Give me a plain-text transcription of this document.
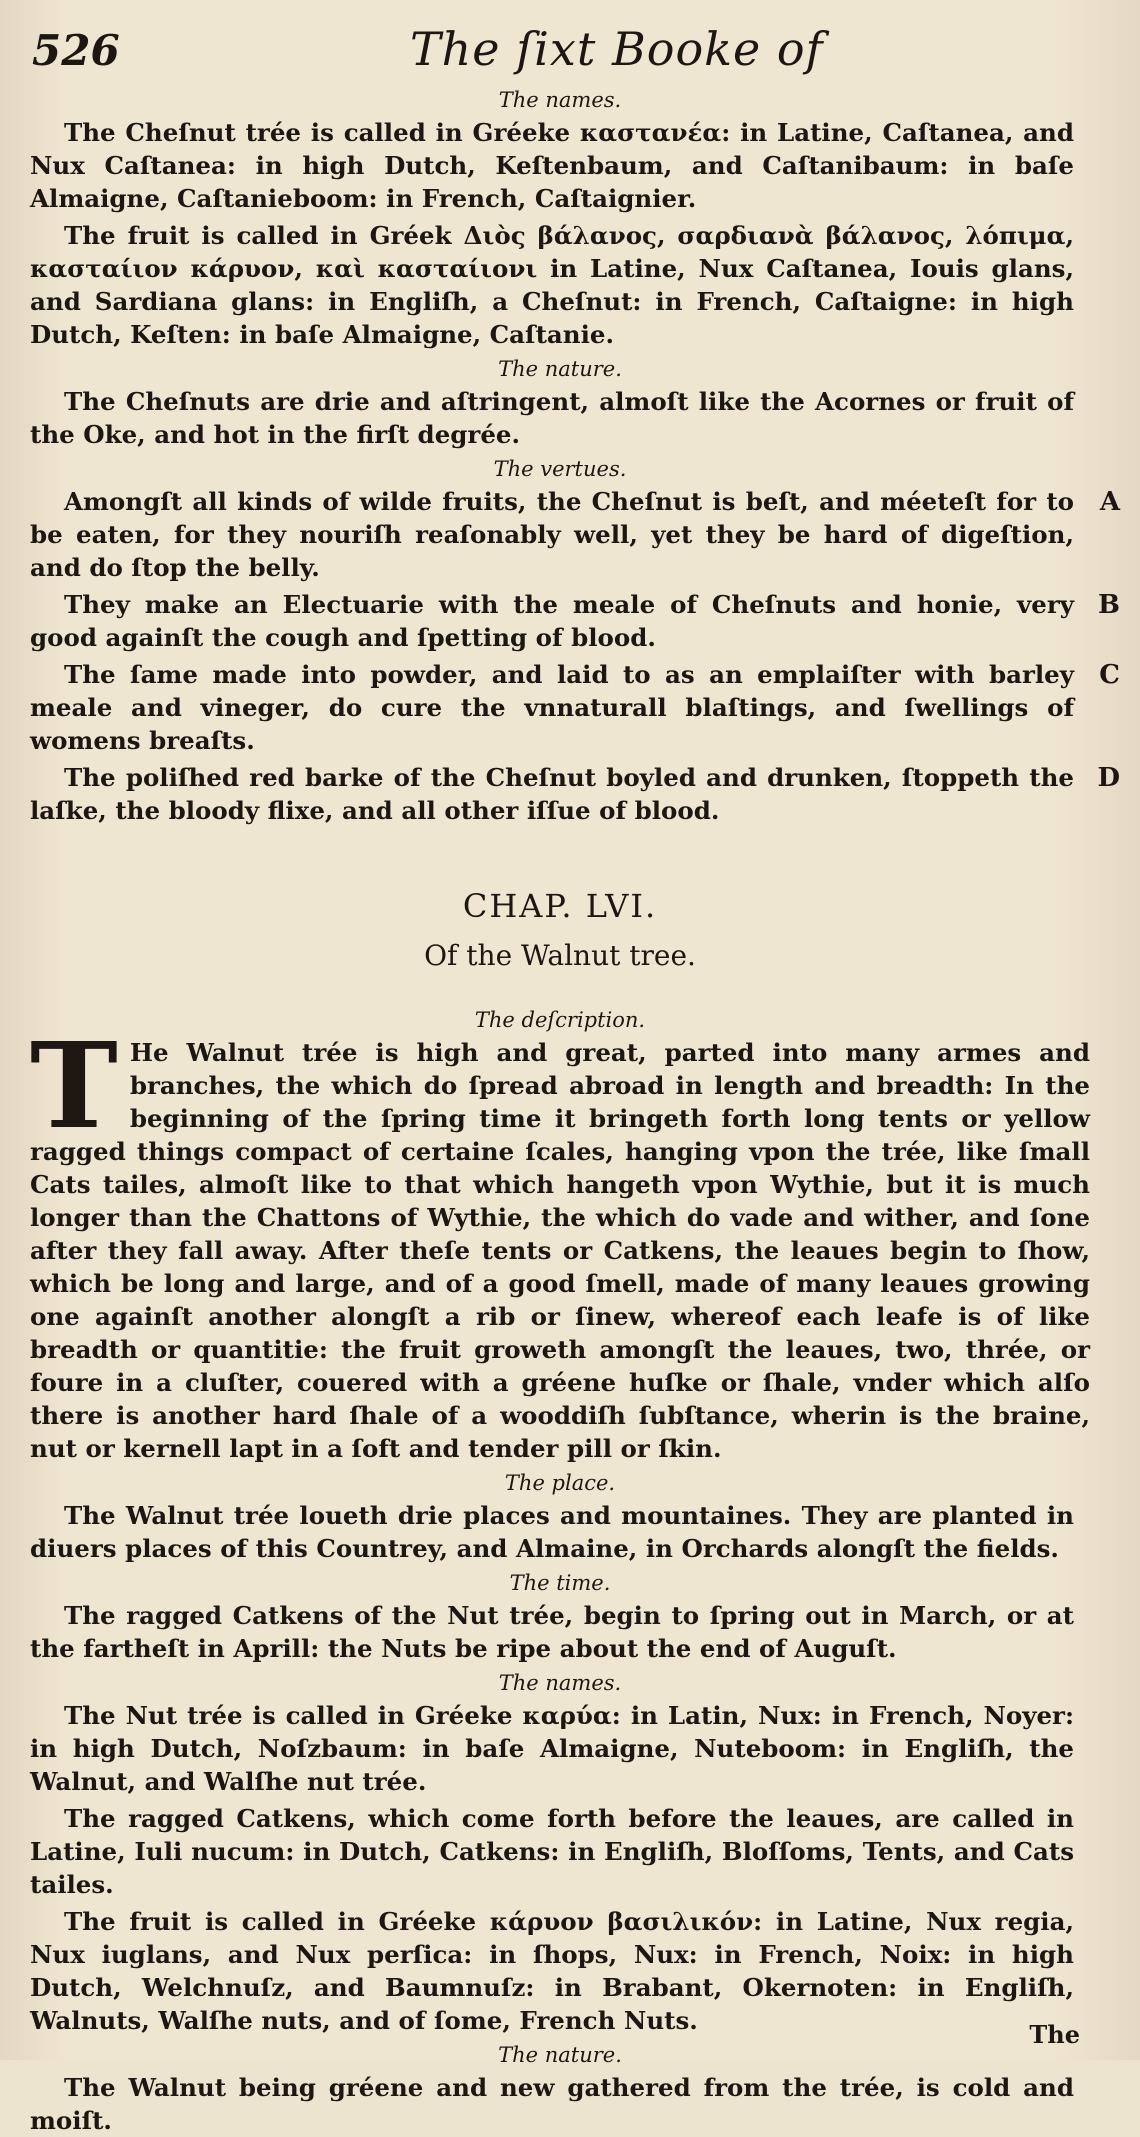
526	The ſixt Booke of
The names.

The Cheſnut trée is called in Gréeke καστανέα: in Latine, Caſtanea, and Nux Caſtanea: in high Dutch, Keſtenbaum, and Caſtanibaum: in baſe Almaigne, Caſtanieboom: in French, Caſtaignier.

The fruit is called in Gréek Διὸς βάλανος, σαρδιανὰ βάλανος, λόπιμα, κασταίιον κάρυον, καὶ κασταίιονι in Latine, Nux Caſtanea, Iouis glans, and Sardiana glans: in Engliſh, a Cheſnut: in French, Caſtaigne: in high Dutch, Keſten: in baſe Almaigne, Caſtanie.

The nature.

The Cheſnuts are drie and aſtringent, almoſt like the Acornes or fruit of the Oke, and hot in the firſt degrée.

The vertues.

Amongſt all kinds of wilde fruits, the Cheſnut is beſt, and méeteſt for to be eaten, for they nouriſh reaſonably well, yet they be hard of digeſtion, and do ſtop the belly.

A

They make an Electuarie with the meale of Cheſnuts and honie, very good againſt the cough and ſpetting of blood.

B

The ſame made into powder, and laid to as an emplaiſter with barley meale and vineger, do cure the vnnaturall blaſtings, and ſwellings of womens breaſts.

C

The poliſhed red barke of the Cheſnut boyled and drunken, ſtoppeth the laſke, the bloody flixe, and all other iſſue of blood.

D
CHAP. LVI.
Of the Walnut tree.
The deſcription.
T He Walnut trée is high and great, parted into many armes and branches, the which do ſpread abroad in length and breadth: In the beginning of the ſpring time it bringeth forth long tents or yellow ragged things compact of certaine ſcales, hanging vpon the trée, like ſmall Cats tailes, almoſt like to that which hangeth vpon Wythie, but it is much longer than the Chattons of Wythie, the which do vade and wither, and ſone after they fall away. After theſe tents or Catkens, the leaues begin to ſhow, which be long and large, and of a good ſmell, made of many leaues growing one againſt another alongſt a rib or ſinew, whereof each leafe is of like breadth or quantitie: the fruit groweth amongſt the leaues, two, thrée, or foure in a cluſter, couered with a gréene huſke or ſhale, vnder which alſo there is another hard ſhale of a wooddiſh ſubſtance, wherin is the braine, nut or kernell lapt in a ſoft and tender pill or ſkin.

The place.

The Walnut trée loueth drie places and mountaines. They are planted in diuers places of this Countrey, and Almaine, in Orchards alongſt the fields.

The time.

The ragged Catkens of the Nut trée, begin to ſpring out in March, or at the fartheſt in Aprill: the Nuts be ripe about the end of Auguſt.

The names.

The Nut trée is called in Gréeke καρύα: in Latin, Nux: in French, Noyer: in high Dutch, Noſzbaum: in baſe Almaigne, Nuteboom: in Engliſh, the Walnut, and Walſhe nut trée.

The ragged Catkens, which come forth before the leaues, are called in Latine, Iuli nucum: in Dutch, Catkens: in Engliſh, Bloſſoms, Tents, and Cats tailes.

The fruit is called in Gréeke κάρυον βασιλικόν: in Latine, Nux regia, Nux iuglans, and Nux perſica: in ſhops, Nux: in French, Noix: in high Dutch, Welchnuſz, and Baumnuſz: in Brabant, Okernoten: in Engliſh, Walnuts, Walſhe nuts, and of ſome, French Nuts.

The nature.

The Walnut being gréene and new gathered from the trée, is cold and moiſt.

The
